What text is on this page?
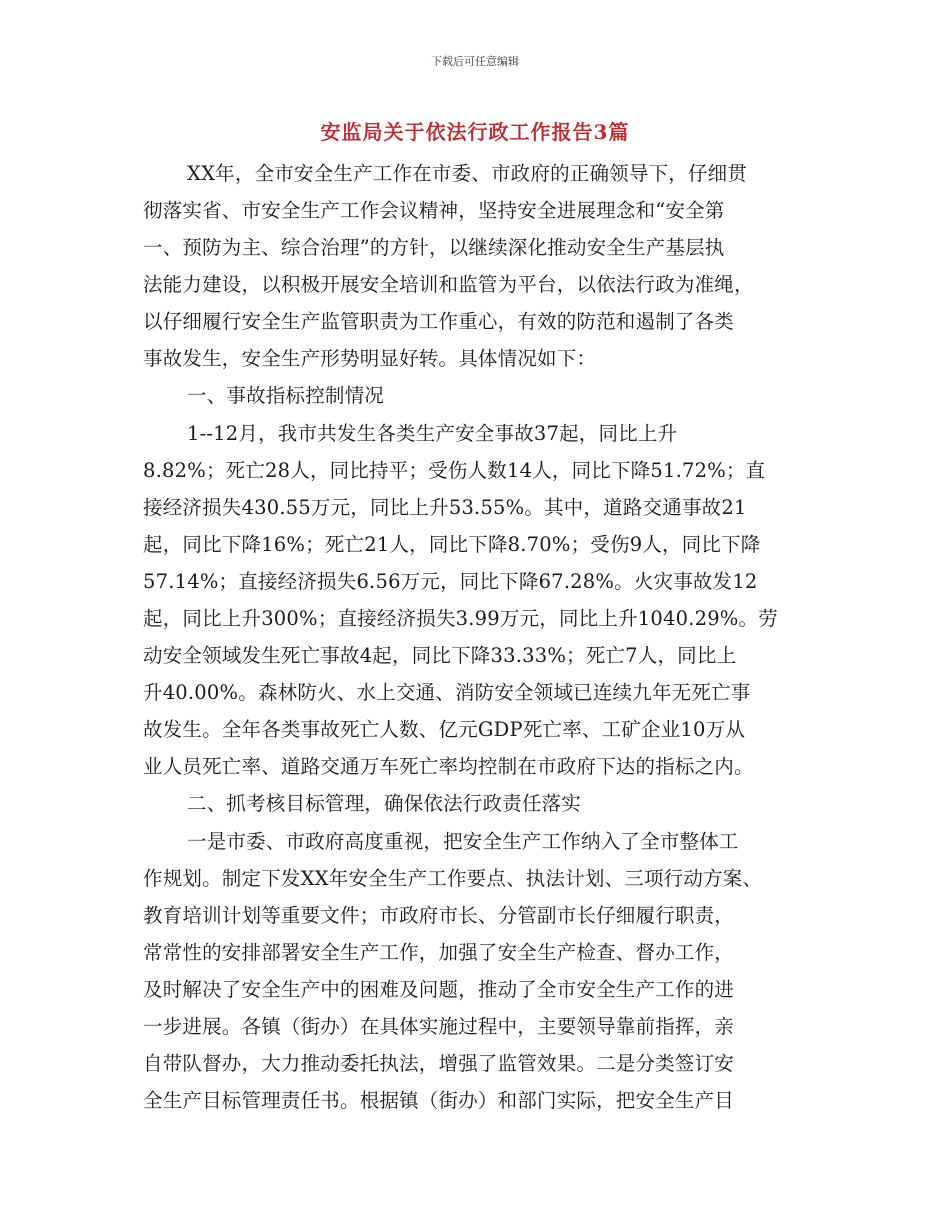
下载后可任意编辑
安监局关于依法行政工作报告3篇
XX年，全市安全生产工作在市委、市政府的正确领导下，仔细贯
彻落实省、市安全生产工作会议精神，坚持安全进展理念和“安全第
一、预防为主、综合治理”的方针，以继续深化推动安全生产基层执
法能力建设，以积极开展安全培训和监管为平台，以依法行政为准绳，
以仔细履行安全生产监管职责为工作重心，有效的防范和遏制了各类
事故发生，安全生产形势明显好转。具体情况如下：
一、事故指标控制情况
1--12月，我市共发生各类生产安全事故37起，同比上升
8.82%；死亡28人，同比持平；受伤人数14人，同比下降51.72%；直
接经济损失430.55万元，同比上升53.55%。其中，道路交通事故21
起，同比下降16%；死亡21人，同比下降8.70%；受伤9人，同比下降
57.14%；直接经济损失6.56万元，同比下降67.28%。火灾事故发12
起，同比上升300%；直接经济损失3.99万元，同比上升1040.29%。劳
动安全领域发生死亡事故4起，同比下降33.33%；死亡7人，同比上
升40.00%。森林防火、水上交通、消防安全领域已连续九年无死亡事
故发生。全年各类事故死亡人数、亿元GDP死亡率、工矿企业10万从
业人员死亡率、道路交通万车死亡率均控制在市政府下达的指标之内。
二、抓考核目标管理，确保依法行政责任落实
一是市委、市政府高度重视，把安全生产工作纳入了全市整体工
作规划。制定下发XX年安全生产工作要点、执法计划、三项行动方案、
教育培训计划等重要文件；市政府市长、分管副市长仔细履行职责，
常常性的安排部署安全生产工作，加强了安全生产检查、督办工作，
及时解决了安全生产中的困难及问题，推动了全市安全生产工作的进
一步进展。各镇（街办）在具体实施过程中，主要领导靠前指挥，亲
自带队督办，大力推动委托执法，增强了监管效果。二是分类签订安
全生产目标管理责任书。根据镇（街办）和部门实际，把安全生产目
